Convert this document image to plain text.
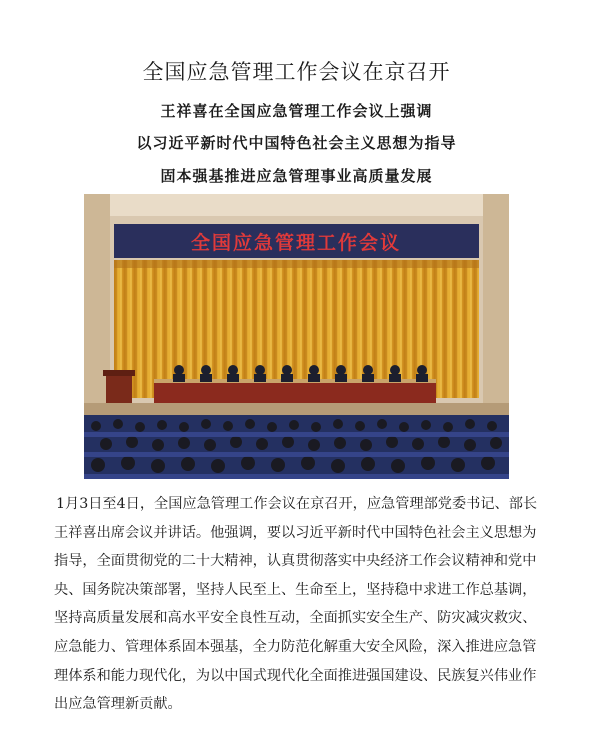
全国应急管理工作会议在京召开
王祥喜在全国应急管理工作会议上强调
以习近平新时代中国特色社会主义思想为指导
固本强基推进应急管理事业高质量发展
全国应急管理工作会议
1月3日至4日，全国应急管理工作会议在京召开，应急管理部党委书记、部长王祥喜出席会议并讲话。他强调，要以习近平新时代中国特色社会主义思想为指导，全面贯彻党的二十大精神，认真贯彻落实中央经济工作会议精神和党中央、国务院决策部署，坚持人民至上、生命至上，坚持稳中求进工作总基调，坚持高质量发展和高水平安全良性互动，全面抓实安全生产、防灾减灾救灾、应急能力、管理体系固本强基，全力防范化解重大安全风险，深入推进应急管理体系和能力现代化，为以中国式现代化全面推进强国建设、民族复兴伟业作出应急管理新贡献。
